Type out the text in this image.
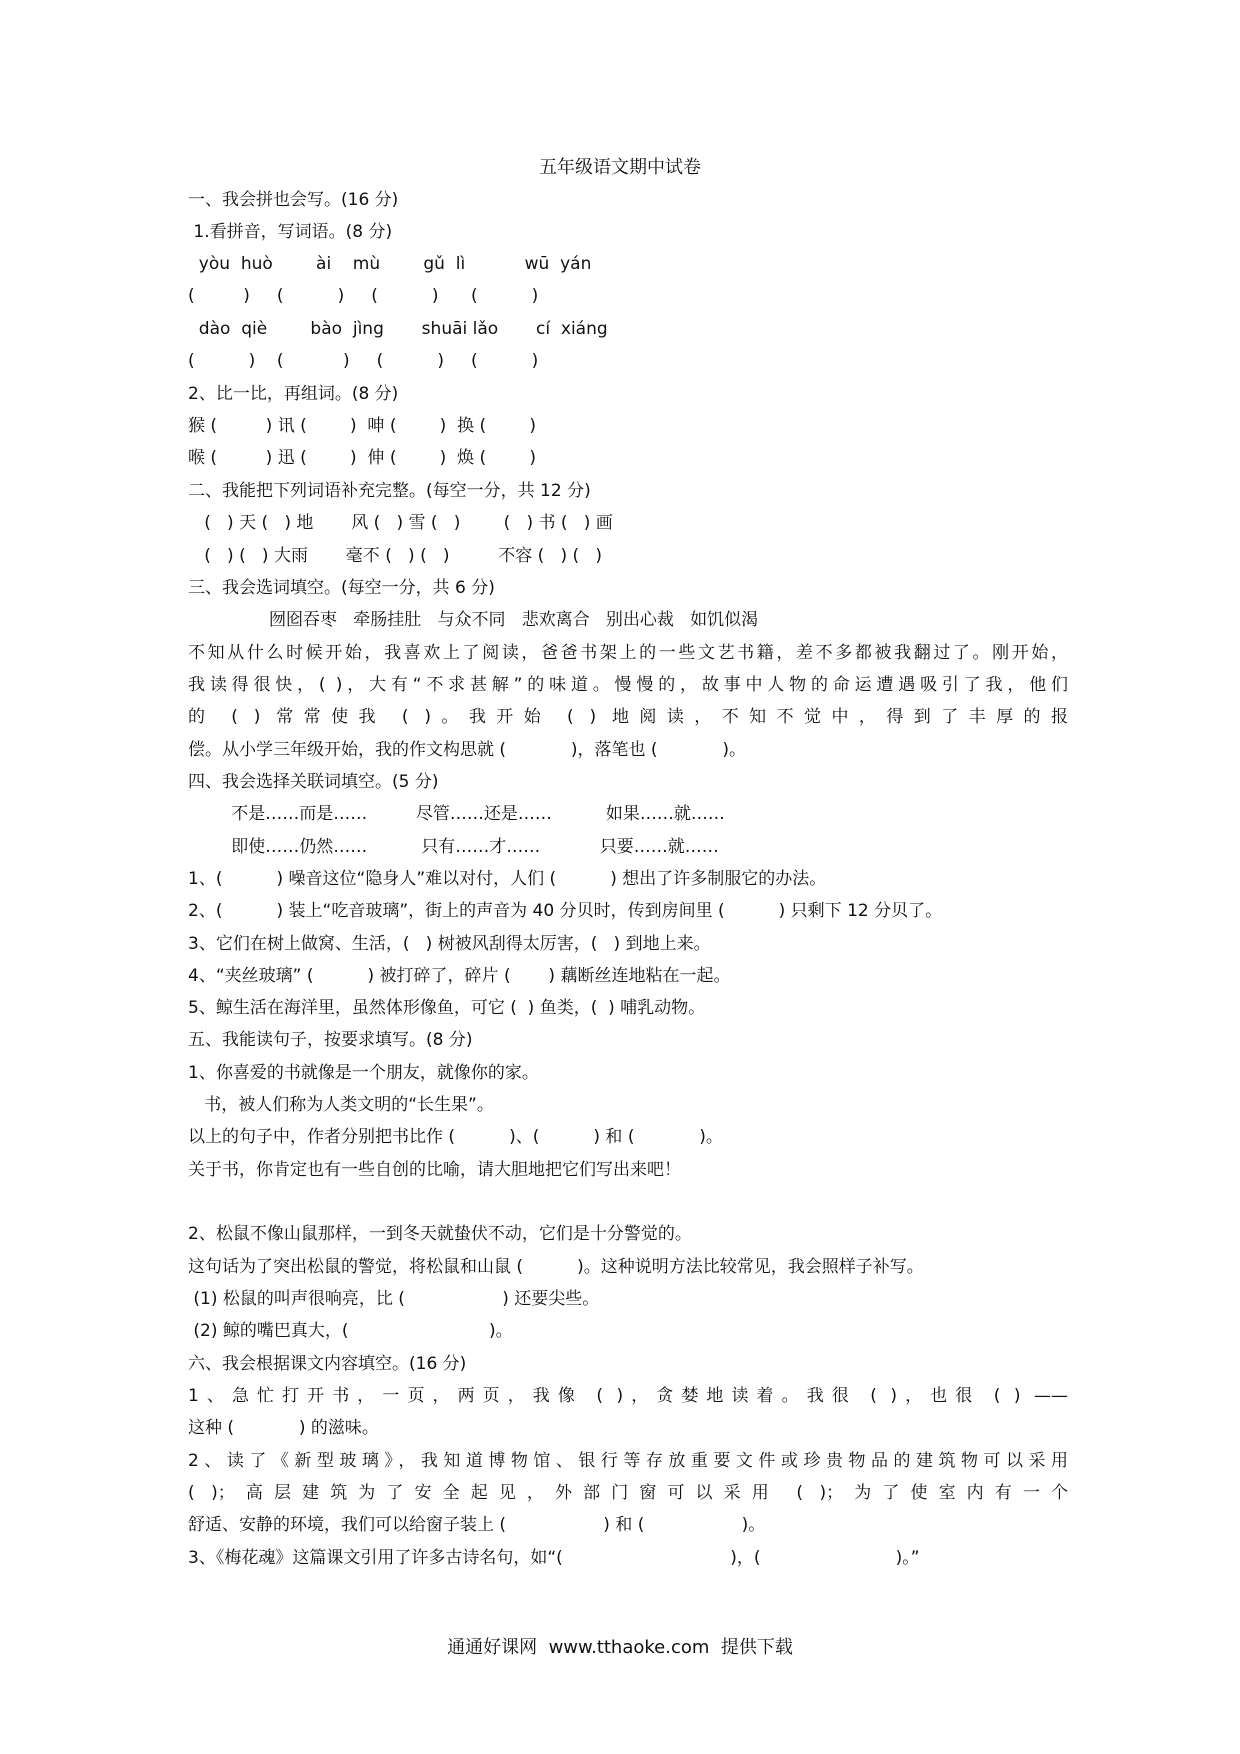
五年级语文期中试卷

一、我会拼也会写。(16 分)

1.看拼音，写词语。(8 分)

yòu  huò        ài    mù        gǔ  lì           wū  yán

(         )     (          )     (          )      (          )

dào  qiè        bào  jìng       shuāi lǎo       cí  xiáng

(          )    (           )     (          )     (          )

2、比一比，再组词。(8 分)

猴 (         ) 讯 (        )  呻 (        )  换 (        )

喉 (         ) 迅 (        )  伸 (        )  焕 (        )

二、我能把下列词语补充完整。(每空一分，共 12 分)

(   ) 天 (   ) 地       风 (   ) 雪 (   )        (   ) 书 (   ) 画

(   ) (   ) 大雨       毫不 (   ) (   )         不容 (   ) (   )

三、我会选词填空。(每空一分，共 6 分)

囫囵吞枣   牵肠挂肚   与众不同   悲欢离合   别出心裁   如饥似渴

不知从什么时候开始，我喜欢上了阅读，爸爸书架上的一些文艺书籍，差不多都被我翻过了。刚开始，

我读得很快，( )，大有“不求甚解”的味道。慢慢的，故事中人物的命运遭遇吸引了我，他们

的 ( ) 常常使我 ( )。我开始 ( ) 地阅读，不知不觉中，得到了丰厚的报

偿。从小学三年级开始，我的作文构思就 (            )，落笔也 (            )。

四、我会选择关联词填空。(5 分)

不是……而是……         尽管……还是……          如果……就……

即使……仍然……          只有……才……           只要……就……

1、(          ) 噪音这位“隐身人”难以对付，人们 (          ) 想出了许多制服它的办法。

2、(          ) 装上“吃音玻璃”，街上的声音为 40 分贝时，传到房间里 (          ) 只剩下 12 分贝了。

3、它们在树上做窝、生活，(   ) 树被风刮得太厉害，(   ) 到地上来。

4、“夹丝玻璃” (          ) 被打碎了，碎片 (       ) 藕断丝连地粘在一起。

5、鲸生活在海洋里，虽然体形像鱼，可它 (  ) 鱼类，(  ) 哺乳动物。

五、我能读句子，按要求填写。(8 分)

1、你喜爱的书就像是一个朋友，就像你的家。

书，被人们称为人类文明的“长生果”。

以上的句子中，作者分别把书比作 (          )、(          ) 和 (            )。

关于书，你肯定也有一些自创的比喻，请大胆地把它们写出来吧！

2、松鼠不像山鼠那样，一到冬天就蛰伏不动，它们是十分警觉的。

这句话为了突出松鼠的警觉，将松鼠和山鼠 (          )。这种说明方法比较常见，我会照样子补写。

(1) 松鼠的叫声很响亮，比 (                  ) 还要尖些。

(2) 鲸的嘴巴真大，(                          )。

六、我会根据课文内容填空。(16 分)

1、急忙打开书，一页，两页，我像 ( )，贪婪地读着。我很 ( )，也很 ( ) ——

这种 (            ) 的滋味。

2、读了《新型玻璃》，我知道博物馆、银行等存放重要文件或珍贵物品的建筑物可以采用

( )；高层建筑为了安全起见，外部门窗可以采用 ( )；为了使室内有一个

舒适、安静的环境，我们可以给窗子装上 (                  ) 和 (                  )。

3、《梅花魂》这篇课文引用了许多古诗名句，如“(                               )，(                         )。”

通通好课网  www.tthaoke.com  提供下载
